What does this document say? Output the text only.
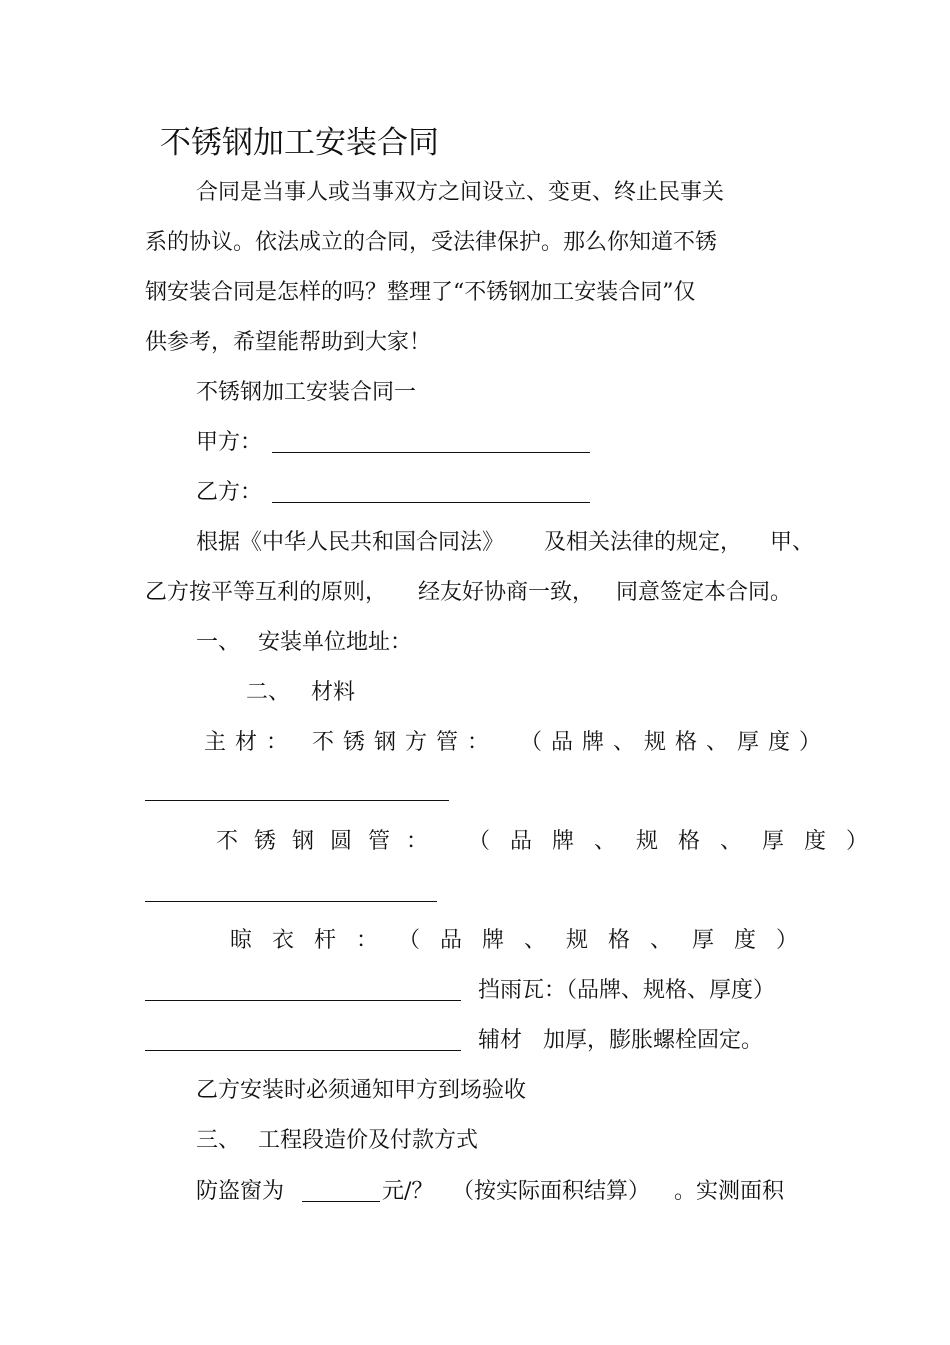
不锈钢加工安装合同
合同是当事人或当事双方之间设立、变更、终止民事关
系的协议。依法成立的合同，受法律保护。那么你知道不锈
钢安装合同是怎样的吗？整理了“不锈钢加工安装合同”仅
供参考，希望能帮助到大家！
不锈钢加工安装合同一
甲方：
乙方：
根据《中华人民共和国合同法》 及相关法律的规定， 甲、
乙方按平等互利的原则， 经友好协商一致， 同意签定本合同。
一、 安装单位地址：
二、 材料
主材： 不锈钢方管： （品牌、规格、厚度）
不锈钢圆管： （品牌、规格、厚度）
晾衣杆： （品牌、规格、厚度）
挡雨瓦：（品牌、规格、厚度）
辅材 加厚，膨胀螺栓固定。
乙方安装时必须通知甲方到场验收
三、 工程段造价及付款方式
防盗窗为	元/？ （按实际面积结算） 。实测面积
